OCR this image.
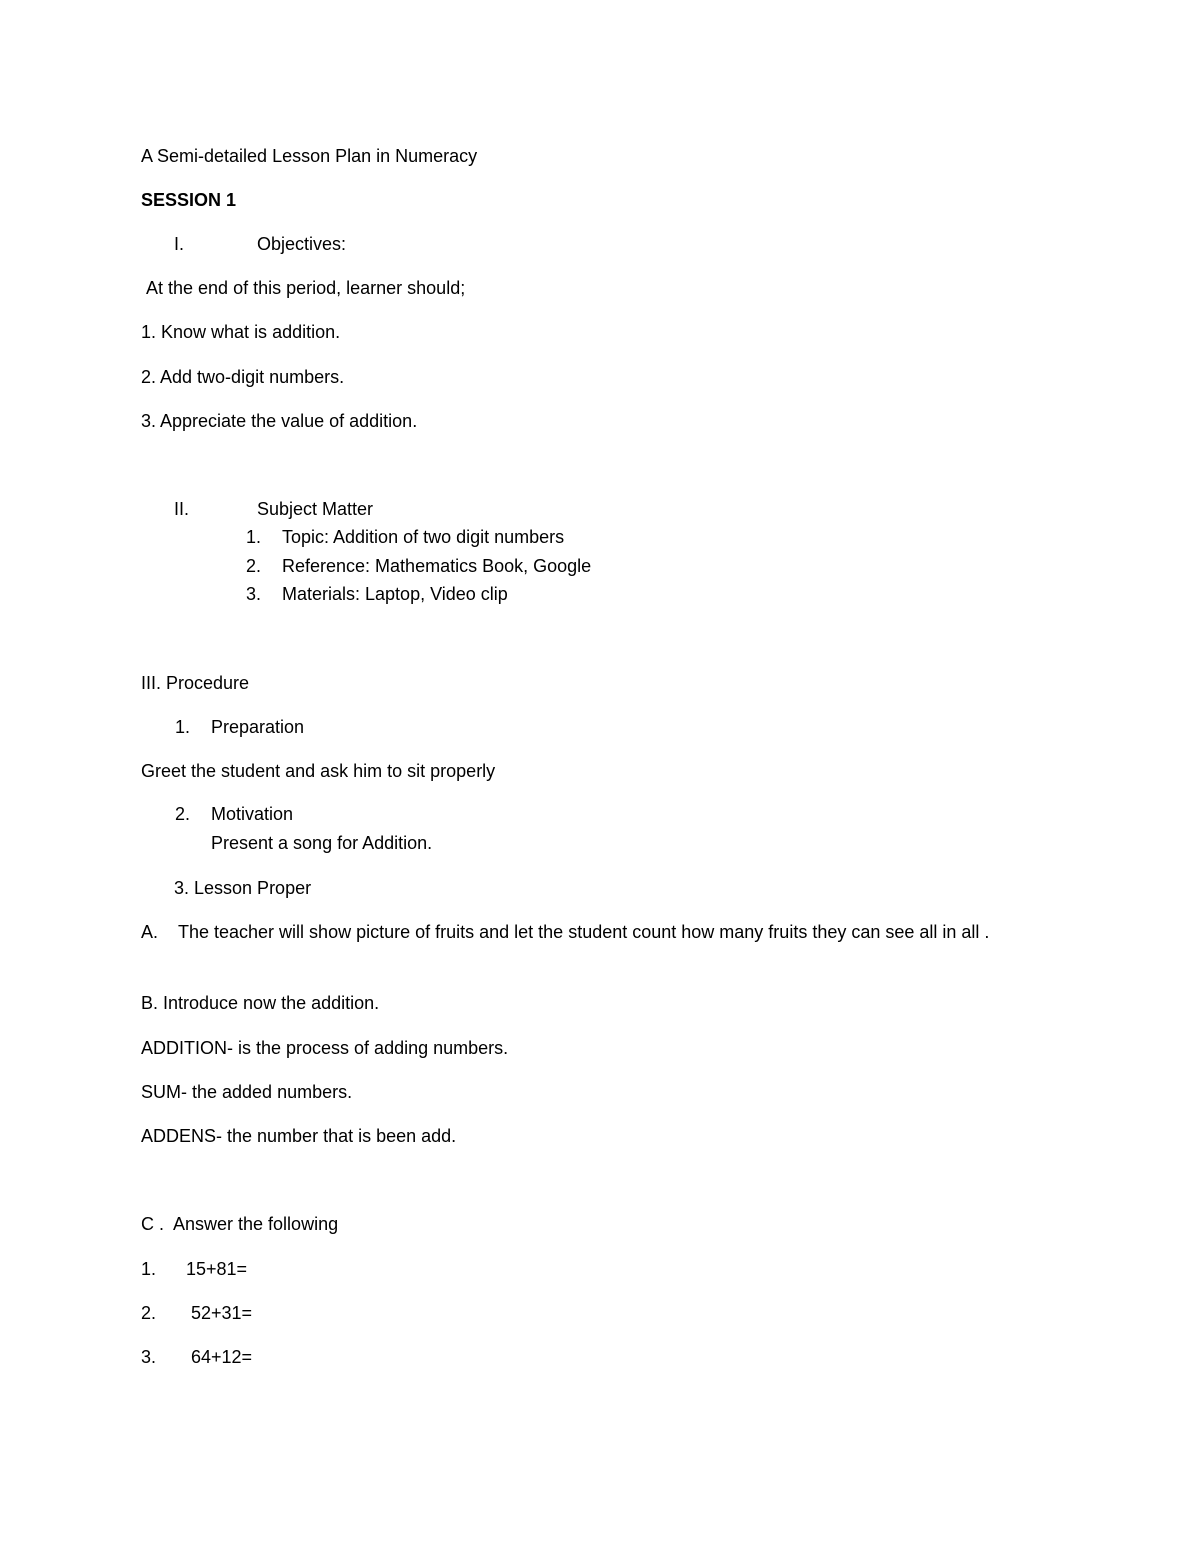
A Semi-detailed Lesson Plan in Numeracy
SESSION 1
I.	Objectives:
At the end of this period, learner should;
1. Know what is addition.
2. Add two-digit numbers.
3. Appreciate the value of addition.
II.	Subject Matter
1. Topic: Addition of two digit numbers
2. Reference: Mathematics Book, Google
3. Materials: Laptop, Video clip
III. Procedure
1. Preparation
Greet the student and ask him to sit properly
2. Motivation
Present a song for Addition.
3. Lesson Proper
A.	The teacher will show picture of fruits and let the student count how many fruits they can see all in all .
B. Introduce now the addition.
ADDITION- is the process of adding numbers.
SUM- the added numbers.
ADDENS- the number that is been add.
C . Answer the following
1. 15+81=
2. 52+31=
3. 64+12=
